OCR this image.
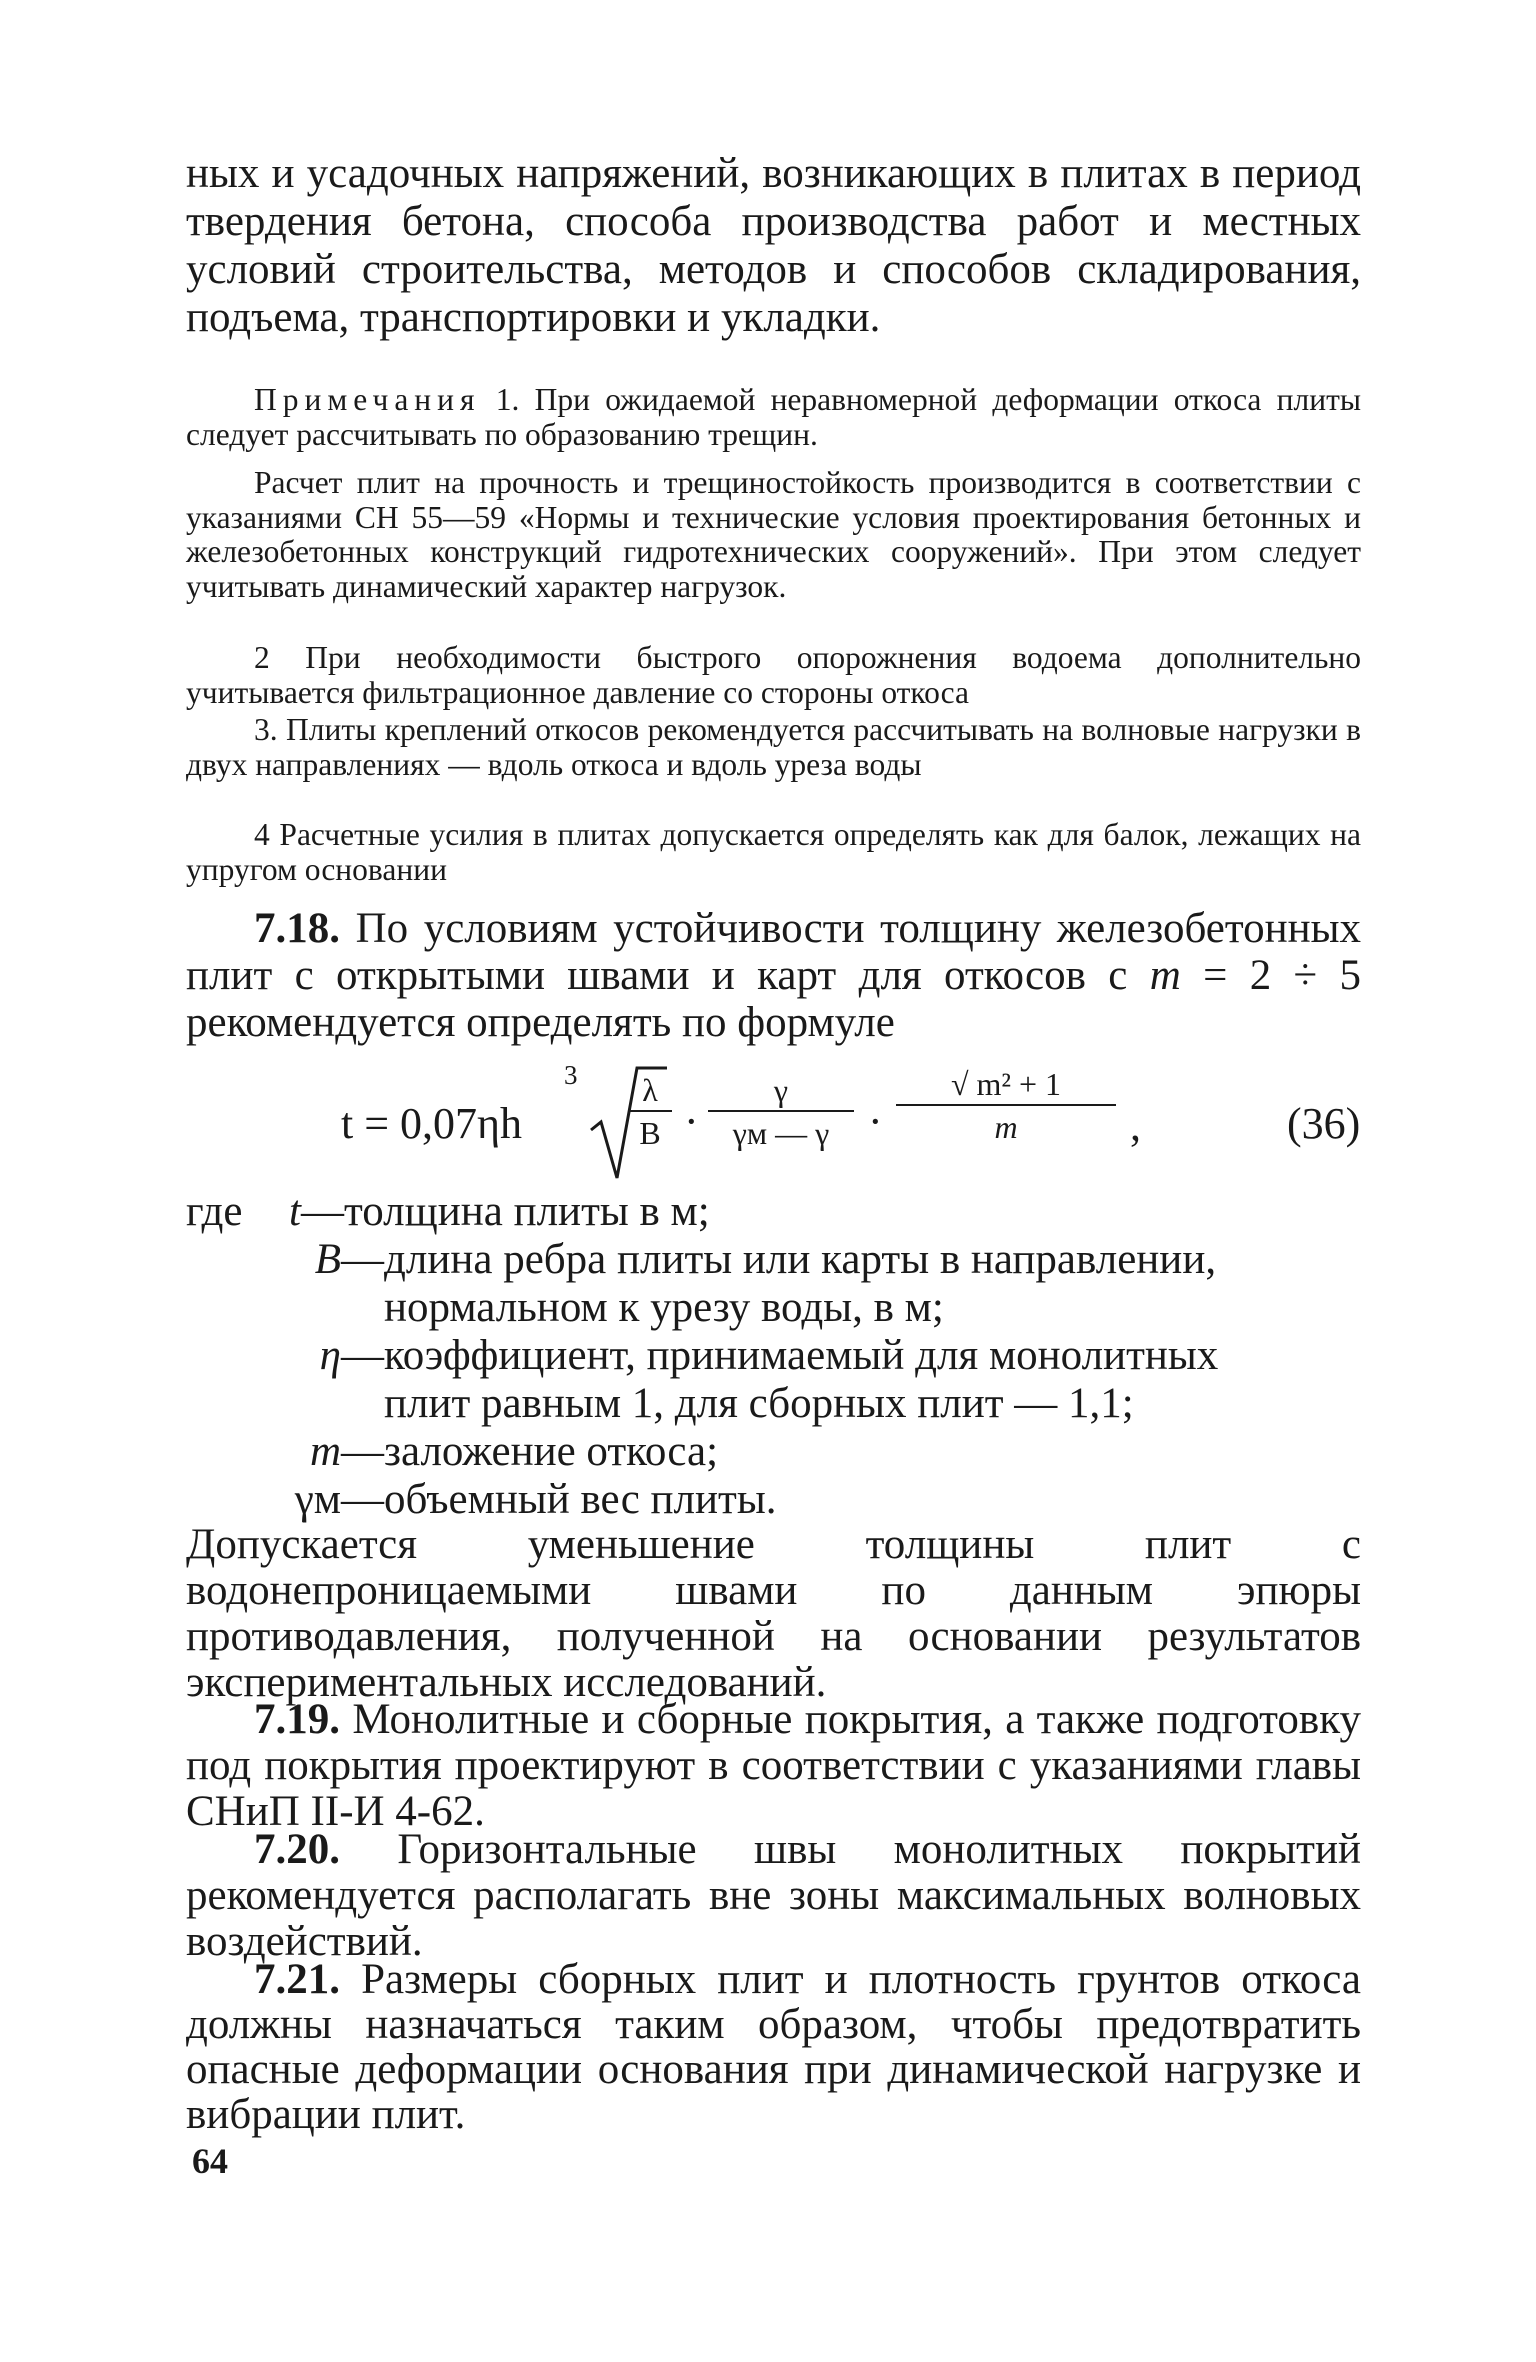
ных и усадочных напряжений, возникающих в плитах в период твердения бетона, способа производства работ и местных условий строительства, методов и способов складирования, подъема, транспортировки и укладки.

Примечания 1. При ожидаемой неравномерной деформации откоса плиты следует рассчитывать по образованию трещин.

Расчет плит на прочность и трещиностойкость производится в соответствии с указаниями СН 55—59 «Нормы и технические условия проектирования бетонных и железобетонных конструкций гидротехнических сооружений». При этом следует учитывать динамический характер нагрузок.

2 При необходимости быстрого опорожнения водоема дополнительно учитывается фильтрационное давление со стороны откоса

3. Плиты креплений откосов рекомендуется рассчитывать на волновые нагрузки в двух направлениях — вдоль откоса и вдоль уреза воды

4 Расчетные усилия в плитах допускается определять как для балок, лежащих на упругом основании

7.18. По условиям устойчивости толщину железобетонных плит с открытыми швами и карт для откосов с m = 2 ÷ 5 рекомендуется определять по формуле

t = 0,07ηh
3	λ
B ·
γ
γм — γ ·
√ m² + 1
m	,	(36)
где	t—толщина плиты в м;
B—длина ребра плиты или карты в направлении,
нормальном к урезу воды, в м;
η—коэффициент, принимаемый для монолитных
плит равным 1, для сборных плит — 1,1;
m—заложение откоса;
γм—объемный вес плиты.

Допускается уменьшение толщины плит с водонепроницаемыми швами по данным эпюры противодавления, полученной на основании результатов экспериментальных исследований.

7.19. Монолитные и сборные покрытия, а также подготовку под покрытия проектируют в соответствии с указаниями главы СНиП II-И 4-62.

7.20. Горизонтальные швы монолитных покрытий рекомендуется располагать вне зоны максимальных волновых воздействий.

7.21. Размеры сборных плит и плотность грунтов откоса должны назначаться таким образом, чтобы предотвратить опасные деформации основания при динамической нагрузке и вибрации плит.

64
